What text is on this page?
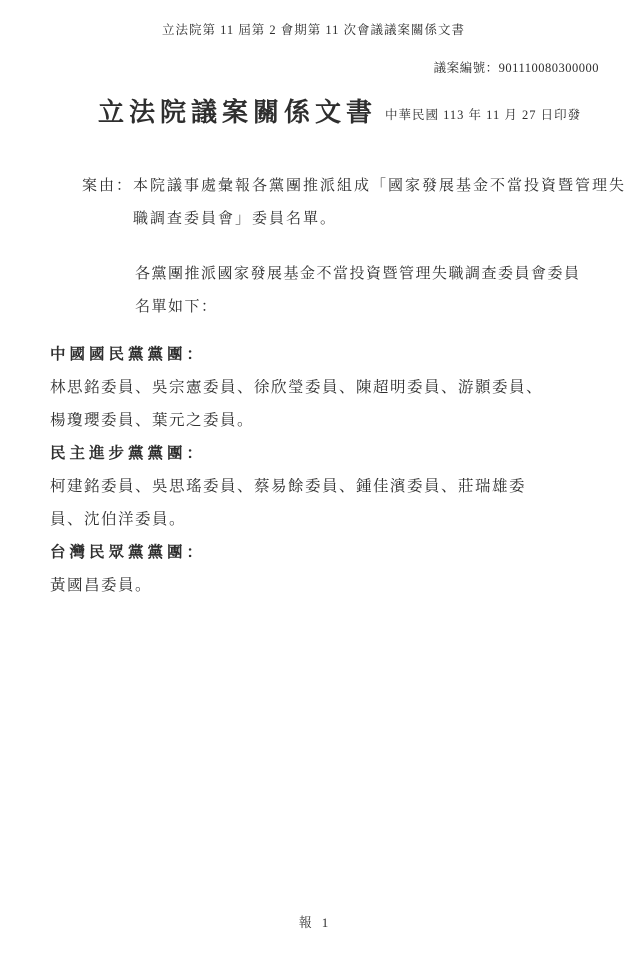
立法院第 11 屆第 2 會期第 11 次會議議案關係文書
議案編號：901110080300000
立法院議案關係文書 中華民國 113 年 11 月 27 日印發
案由：本院議事處彙報各黨團推派組成「國家發展基金不當投資暨管理失職調查委員會」委員名單。
各黨團推派國家發展基金不當投資暨管理失職調查委員會委員名單如下：
中國國民黨黨團：
林思銘委員、吳宗憲委員、徐欣瑩委員、陳超明委員、游顥委員、楊瓊瓔委員、葉元之委員。
民主進步黨黨團：
柯建銘委員、吳思瑤委員、蔡易餘委員、鍾佳濱委員、莊瑞雄委員、沈伯洋委員。
台灣民眾黨黨團：
黃國昌委員。
報 1
